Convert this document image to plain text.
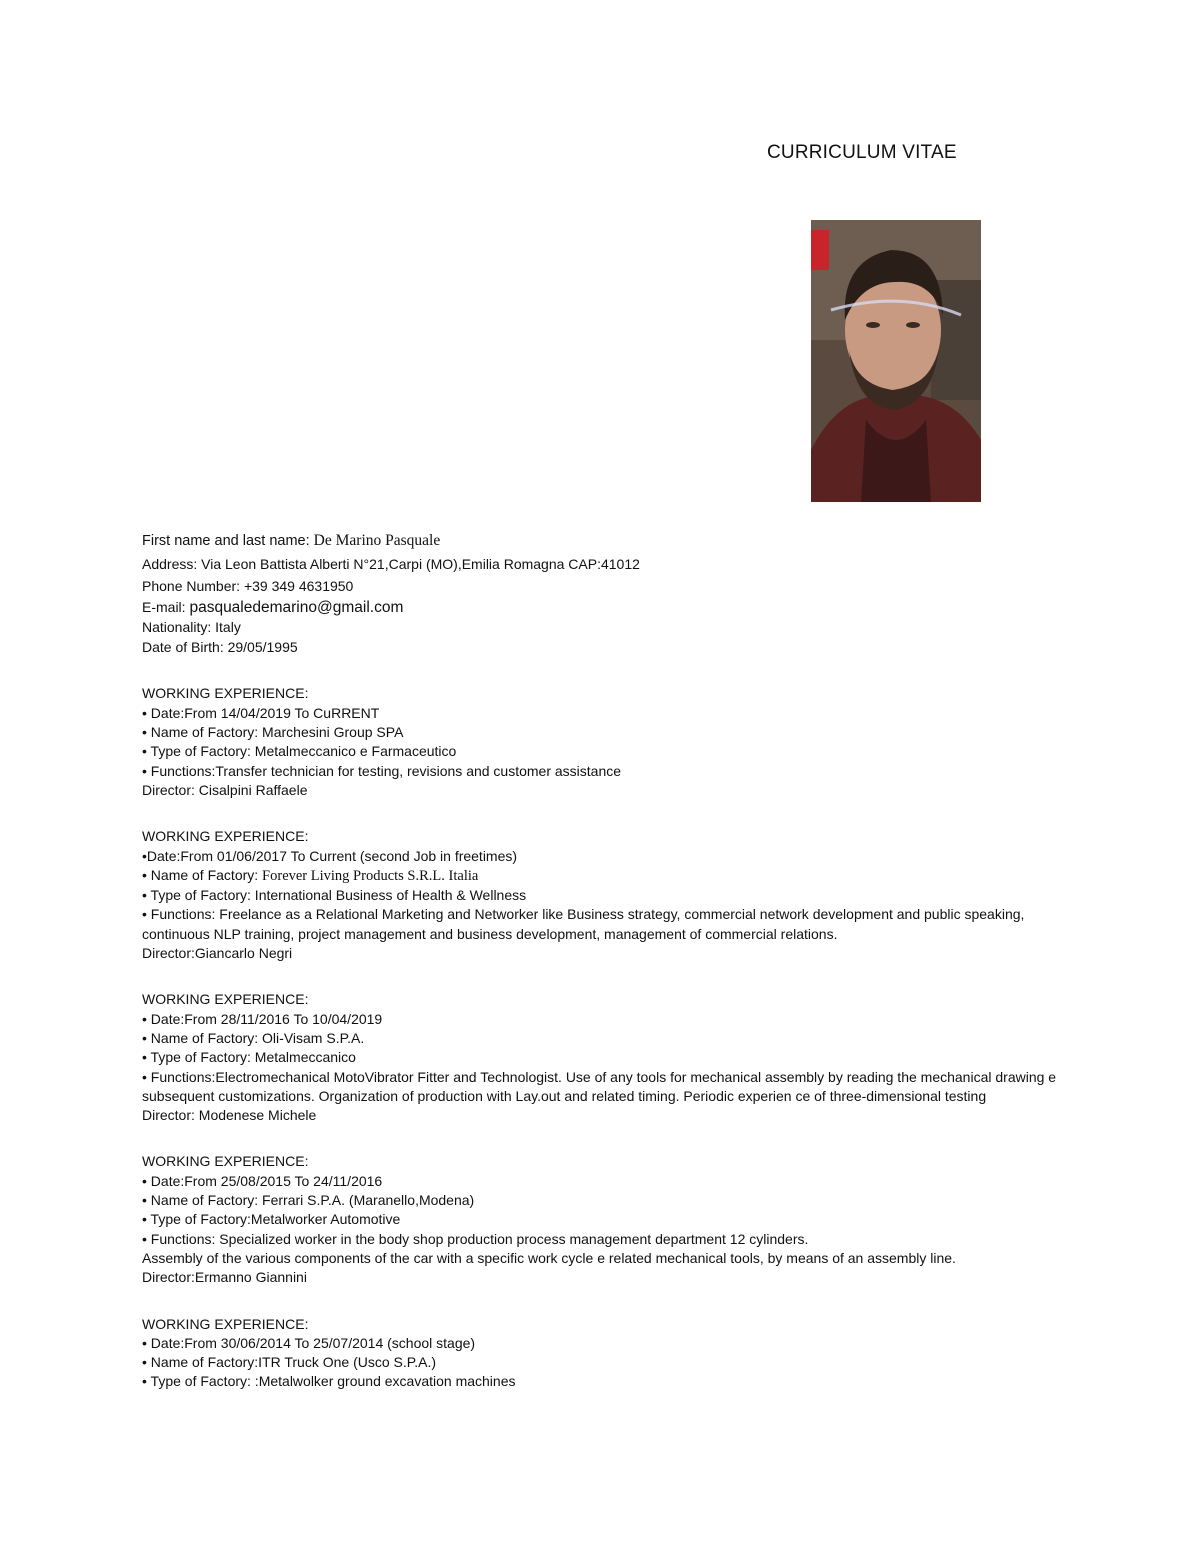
CURRICULUM VITAE
First name and last name: De Marino Pasquale
Address: Via Leon Battista Alberti N°21,Carpi (MO),Emilia Romagna CAP:41012
Phone Number: +39 349 4631950
E-mail: pasqualedemarino@gmail.com
Nationality: Italy
Date of Birth: 29/05/1995
WORKING EXPERIENCE:
• Date:From 14/04/2019 To CuRRENT
• Name of Factory: Marchesini Group SPA
• Type of Factory: Metalmeccanico e Farmaceutico
• Functions:Transfer technician for testing, revisions and customer assistance
Director: Cisalpini Raffaele
WORKING EXPERIENCE:
•Date:From 01/06/2017 To Current (second Job in freetimes)
• Name of Factory: Forever Living Products S.R.L. Italia
• Type of Factory: International Business of Health & Wellness
• Functions: Freelance as a Relational Marketing and Networker like Business strategy, commercial network development and public speaking, continuous NLP training, project management and business development, management of commercial relations.
Director:Giancarlo Negri
WORKING EXPERIENCE:
• Date:From 28/11/2016 To 10/04/2019
• Name of Factory: Oli-Visam S.P.A.
• Type of Factory: Metalmeccanico
• Functions:Electromechanical MotoVibrator Fitter and Technologist. Use of any tools for mechanical assembly by reading the mechanical drawing e subsequent customizations. Organization of production with Lay.out and related timing. Periodic experien ce of three-dimensional testing
Director: Modenese Michele
WORKING EXPERIENCE:
• Date:From 25/08/2015 To 24/11/2016
• Name of Factory: Ferrari S.P.A. (Maranello,Modena)
• Type of Factory:Metalworker Automotive
• Functions: Specialized worker in the body shop production process management department 12 cylinders.
Assembly of the various components of the car with a specific work cycle e related mechanical tools, by means of an assembly line.
Director:Ermanno Giannini
WORKING EXPERIENCE:
• Date:From 30/06/2014 To 25/07/2014 (school stage)
• Name of Factory:ITR Truck One (Usco S.P.A.)
• Type of Factory: :Metalwolker ground excavation machines
